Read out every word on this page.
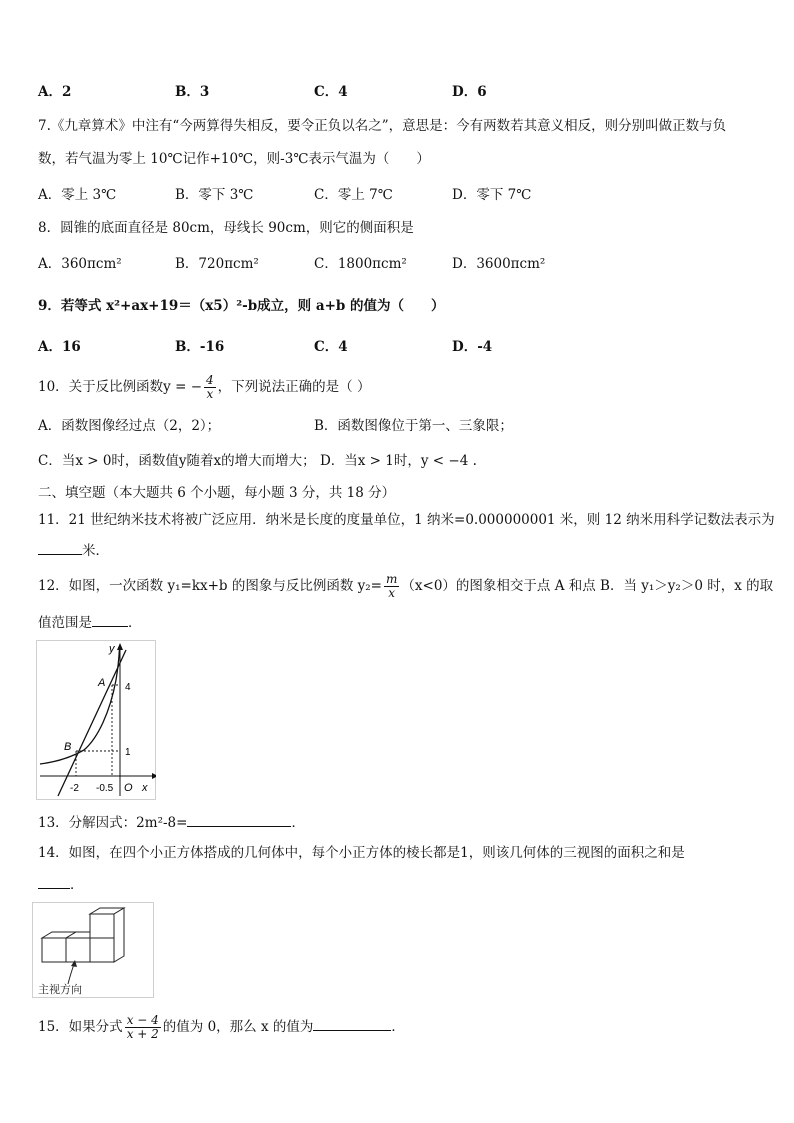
A．2	B．3	C．4	D．6
7.《九章算术》中注有“今两算得失相反，要令正负以名之”，意思是：今有两数若其意义相反，则分别叫做正数与负
数，若气温为零上 10℃记作+10℃，则-3℃表示气温为（　　）
A．零上 3℃	B．零下 3℃	C．零上 7℃	D．零下 7℃
8．圆锥的底面直径是 80cm，母线长 90cm，则它的侧面积是
A．360πcm²	B．720πcm²	C．1800πcm²	D．3600πcm²
9．若等式 x²+ax+19＝（x5）²-b成立，则 a+b 的值为（　　）
A．16	B．-16	C．4	D．-4
10．关于反比例函数y = − $\frac{4}{x}$ ，下列说法正确的是（ ）
A．函数图像经过点（2，2）；	B．函数图像位于第一、三象限；
C．当x > 0时，函数值y随着x的增大而增大； D．当x > 1时，y < −4 .
二、填空题（本大题共 6 个小题，每小题 3 分，共 18 分）
11．21 世纪纳米技术将被广泛应用．纳米是长度的度量单位，1 纳米=0.000000001 米，则 12 纳米用科学记数法表示为
米．
12．如图，一次函数 y₁=kx+b 的图象与反比例函数 $y_2= \frac{m}{x} (x<0)$的图象相交于点 A 和点 B．当 y₁＞y₂＞0 时，x 的取
值范围是	．
y
x
O
A
B
4
1
-2 -0.5
13．分解因式：2m²-8=	．
14．如图，在四个小正方体搭成的几何体中，每个小正方体的棱长都是1，则该几何体的三视图的面积之和是
．
主视方向
15．如果分式 $\frac{x - 4}{x + 2}$ 的值为 0，那么 x 的值为	．
